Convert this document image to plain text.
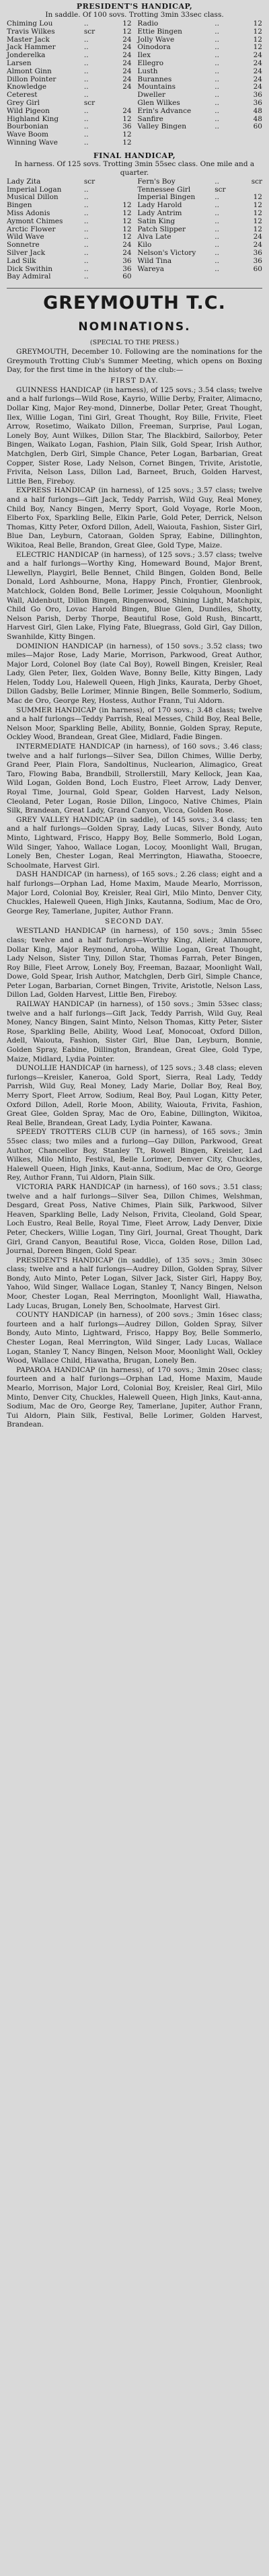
PRESIDENT'S HANDICAP,
In saddle. Of 100 sovs. Trotting 3min 33sec class.
Chiming Lou	..	12		Radio	..	12
Travis Wilkes	scr	12		Ettie Bingen	..	12
Master Jack	..	24		Jolly Wave	..	12
Jack Hammer	..	24		Oinodora	..	12
Jonderelka	..	24		Ilex	..	24
Larsen	..	24		Ellegro	..	24
Almont Ginn	..	24		Lusth	..	24
Dillon Pointer	..	24		Burannes	..	24
Knowledge	..	24		Mountains	..	24
Ceterest	..			Dweller	..	36
Grey Girl	scr			Glen Wilkes	..	36
Wild Pigeon	..	24		Erin's Advance	..	48
Highland King	..	12		Sanfire	..	48
Bourbonian	..	36		Valley Bingen	..	60
Wave Boom	..	12				
Winning Wave	..	12				
FINAL HANDICAP,
In harness. Of 125 sovs. Trotting 3min 55sec class. One mile and a quarter.
Lady Zita	scr			Fern's Boy	..	scr
Imperial Logan	..			Tennessee Girl	scr	
Musical Dillon	..			Imperial Bingen	..	12
Bingen	..	12		Lady Harold	..	12
Miss Adonis	..	12		Lady Antrim	..	12
Aymont Chimes	..	12		Satin King	..	12
Arctic Flower	..	12		Patch Slipper	..	12
Wild Wave	..	12		Alva Late	..	24
Sonnetre	..	24		Kilo	..	24
Silver Jack	..	24		Nelson's Victory	..	36
Lad Silk	..	36		Wild Tina	..	36
Dick Swithin	..	36		Wareya	..	60
Bay Admiral	..	60				
GREYMOUTH T.C.
NOMINATIONS.
(SPECIAL TO THE PRESS.)

GREYMOUTH, December 10. Following are the nominations for the Greymouth Trotting Club's Summer Meeting, which opens on Boxing Day, for the first time in the history of the club:—

FIRST DAY.

GUINNESS HANDICAP (in harness), of 125 sovs.; 3.54 class; twelve and a half furlongs—Wild Rose, Kayrio, Willie Derby, Fraiter, Alimacno, Dollar King, Major Rey-mond, Dinnerbe, Dollar Peter, Great Thought, Ilex, Willie Logan, Tini Girl, Great Thought, Roy Bille, Frivite, Fleet Arrow, Rosetimo, Waikato Dillon, Freeman, Surprise, Paul Logan, Lonely Boy, Aunt Wilkes, Dillon Star, The Blackbird, Sailorboy, Peter Bingen, Waikato Logan, Fashion, Plain Silk, Gold Spear, Irish Author, Matchglen, Derb Girl, Simple Chance, Peter Logan, Barbarian, Great Copper, Sister Rose, Lady Nelson, Cornet Bingen, Trivite, Aristotle, Frivita, Nelson Lass, Dillon Lad, Barneet, Bruch, Golden Harvest, Little Ben, Fireboy.

EXPRESS HANDICAP (in harness), of 125 sovs.; 3.57 class; twelve and a half furlongs—Gift Jack, Teddy Parrish, Wild Guy, Real Money, Child Boy, Nancy Bingen, Merry Sport, Gold Voyage, Rorle Moon, Elberto Fox, Sparkling Belle, Elkin Parle, Gold Peter, Derrick, Nelson Thomas, Kitty Peter, Oxford Dillon, Adell, Waiouta, Fashion, Sister Girl, Blue Dan, Leyburn, Catoraan, Golden Spray, Eabine, Dillinghton, Wikitoa, Real Belle, Brandon, Great Glee, Gold Type, Maize.

ELECTRIC HANDICAP (in harness), of 125 sovs.; 3.57 class; twelve and a half furlongs—Worthy King, Homeward Bound, Major Brent, Llewellyn, Playgirl, Belle Bennet, Child Bingen, Golden Bond, Belle Donald, Lord Ashbourne, Mona, Happy Pinch, Frontier, Glenbrook, Matchlock, Golden Bond, Belle Lorimer, Jessie Colquhoun, Moonlight Wall, Aldenbutt, Dillon Bingen, Ringenwood, Shining Light, Matchpix, Child Go Oro, Lovac Harold Bingen, Blue Glen, Dundiles, Shotty, Nelson Parish, Derby Thorpe, Beautiful Rose, Gold Rush, Bincartt, Harvest Girl, Glen Lake, Flying Fate, Bluegrass, Gold Girl, Gay Dillon, Swanhilde, Kitty Bingen.

DOMINION HANDICAP (in harness), of 150 sovs.; 3.52 class; two miles—Major Rose, Lady Marie, Morrison, Parkwood, Great Author, Major Lord, Colonel Boy (late Cal Boy), Rowell Bingen, Kreisler, Real Lady, Glen Peter, Ilex, Golden Wave, Bonny Belle, Kitty Bingen, Lady Helen, Toddy Lou, Halewell Queen, High Jinks, Kaurata, Derby Ghoet, Dillon Gadsby, Belle Lorimer, Minnie Bingen, Belle Sommerlo, Sodium, Mac de Oro, George Rey, Hostess, Author Frann, Tui Aldorn.

SUMMER HANDICAP (in harness), of 170 sovs.; 3.48 class; twelve and a half furlongs—Teddy Parrish, Real Messes, Child Boy, Real Belle, Nelson Moor, Sparkling Belle, Ability, Bonnie, Golden Spray, Repute, Ockley Wood, Brandean, Great Glee, Midlard, Fadie Bingen.

INTERMEDIATE HANDICAP (in harness), of 160 sovs.; 3.46 class; twelve and a half furlongs—Silver Sea, Dillon Chimes, Willie Derby, Grand Peer, Plain Flora, Sandoltinus, Nuclearion, Alimagico, Great Taro, Flowing Baba, Brandbill, Strollerstill, Mary Kellock, Jean Kaa, Wild Logan, Golden Bond, Loch Eustro, Fleet Arrow, Lady Denver, Royal Time, Journal, Gold Spear, Golden Harvest, Lady Nelson, Cleoland, Peter Logan, Rosie Dillon, Lingoco, Native Chimes, Plain Silk, Brandean, Great Lady, Grand Canyon, Vicca, Golden Rose.

GREY VALLEY HANDICAP (in saddle), of 145 sovs.; 3.4 class; ten and a half furlongs—Golden Spray, Lady Lucas, Silver Bondy, Auto Minto, Lightward, Frisco, Happy Boy, Belle Sommerlo, Bold Logan, Wild Singer, Yahoo, Wallace Logan, Locoy, Moonlight Wall, Brugan, Lonely Ben, Chester Logan, Real Merrington, Hiawatha, Stooecre, Schoolmate, Harvest Girl.

DASH HANDICAP (in harness), of 165 sovs.; 2.26 class; eight and a half furlongs—Orphan Lad, Home Maxim, Maude Mearlo, Morrisson, Major Lord, Colonial Boy, Kreisler, Real Girl, Milo Minto, Denver City, Chuckles, Halewell Queen, High Jinks, Kautanna, Sodium, Mac de Oro, George Rey, Tamerlane, Jupiter, Author Frann.

SECOND DAY.

WESTLAND HANDICAP (in harness), of 150 sovs.; 3min 55sec class; twelve and a half furlongs—Worthy King, Alieir, Allanmore, Dollar King, Major Reymond, Aroha, Willie Logan, Great Thought, Lady Nelson, Sister Tiny, Dillon Star, Thomas Farrah, Peter Bingen, Roy Bille, Fleet Arrow, Lonely Boy, Freeman, Bazaar, Moonlight Wall, Dowe, Gold Spear, Irish Author, Matchglen, Derb Girl, Simple Chance, Peter Logan, Barbarian, Cornet Bingen, Trivite, Aristotle, Nelson Lass, Dillon Lad, Golden Harvest, Little Ben, Fireboy.

RAILWAY HANDICAP (in harness), of 150 sovs.; 3min 53sec class; twelve and a half furlongs—Gift Jack, Teddy Parrish, Wild Guy, Real Money, Nancy Bingen, Saint Minto, Nelson Thomas, Kitty Peter, Sister Rose, Sparkling Belle, Ability, Wood Leaf, Monocoat, Oxford Dillon, Adell, Waiouta, Fashion, Sister Girl, Blue Dan, Leyburn, Bonnie, Golden Spray, Eabine, Dillington, Brandean, Great Glee, Gold Type, Maize, Midlard, Lydia Pointer.

DUNOLLIE HANDICAP (in harness), of 125 sovs.; 3.48 class; eleven furlongs—Kreisler, Kaneroa, Gold Sport, Sierra, Real Lady, Teddy Parrish, Wild Guy, Real Money, Lady Marie, Dollar Boy, Real Boy, Merry Sport, Fleet Arrow, Sodium, Real Boy, Paul Logan, Kitty Peter, Oxford Dillon, Adell, Rorle Moon, Ability, Waiouta, Frivita, Fashion, Great Glee, Golden Spray, Mac de Oro, Eabine, Dillington, Wikitoa, Real Belle, Brandean, Great Lady, Lydia Pointer, Kawana.

SPEEDY TROTTERS CLUB CUP (in harness), of 165 sovs.; 3min 55sec class; two miles and a furlong—Gay Dillon, Parkwood, Great Author, Chancellor Boy, Stanley Tt, Rowell Bingen, Kreisler, Lad Wilkes, Milo Minto, Festival, Belle Lorimer, Denver City, Chuckles, Halewell Queen, High Jinks, Kaut-anna, Sodium, Mac de Oro, George Rey, Author Frann, Tui Aldorn, Plain Silk.

VICTORIA PARK HANDICAP (in harness), of 160 sovs.; 3.51 class; twelve and a half furlongs—Silver Sea, Dillon Chimes, Welshman, Desgard, Great Poss, Native Chimes, Plain Silk, Parkwood, Silver Heaven, Sparkling Belle, Lady Nelson, Frivita, Cleoland, Gold Spear, Loch Eustro, Real Belle, Royal Time, Fleet Arrow, Lady Denver, Dixie Peter, Checkers, Willie Logan, Tiny Girl, Journal, Great Thought, Dark Girl, Grand Canyon, Beautiful Rose, Vicca, Golden Rose, Dillon Lad, Journal, Doreen Bingen, Gold Spear.

PRESIDENT'S HANDICAP (in saddle), of 135 sovs.; 3min 30sec class; twelve and a half furlongs—Audrey Dillon, Golden Spray, Silver Bondy, Auto Minto, Peter Logan, Silver Jack, Sister Girl, Happy Boy, Yahoo, Wild Singer, Wallace Logan, Stanley T, Nancy Bingen, Nelson Moor, Chester Logan, Real Merrington, Moonlight Wall, Hiawatha, Lady Lucas, Brugan, Lonely Ben, Schoolmate, Harvest Girl.

COUNTY HANDICAP (in harness), of 200 sovs.; 3min 16sec class; fourteen and a half furlongs—Audrey Dillon, Golden Spray, Silver Bondy, Auto Minto, Lightward, Frisco, Happy Boy, Belle Sommerlo, Chester Logan, Real Merrington, Wild Singer, Lady Lucas, Wallace Logan, Stanley T, Nancy Bingen, Nelson Moor, Moonlight Wall, Ockley Wood, Wallace Child, Hiawatha, Brugan, Lonely Ben.

PAPAROA HANDICAP (in harness), of 170 sovs.; 3min 20sec class; fourteen and a half furlongs—Orphan Lad, Home Maxim, Maude Mearlo, Morrison, Major Lord, Colonial Boy, Kreisler, Real Girl, Milo Minto, Denver City, Chuckles, Halewell Queen, High Jinks, Kaut-anna, Sodium, Mac de Oro, George Rey, Tamerlane, Jupiter, Author Frann, Tui Aldorn, Plain Silk, Festival, Belle Lorimer, Golden Harvest, Brandean.
